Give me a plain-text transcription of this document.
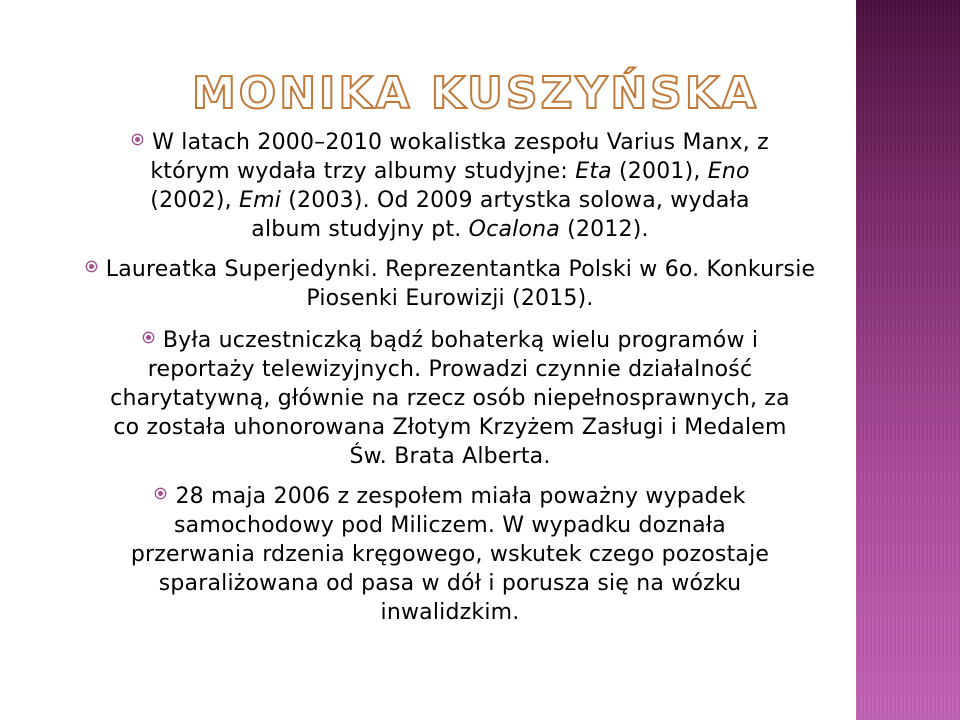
MONIKA KUSZYŃSKA

W latach 2000–2010 wokalistka zespołu Varius Manx, z którym wydała trzy albumy studyjne: Eta (2001), Eno (2002), Emi (2003). Od 2009 artystka solowa, wydała album studyjny pt. Ocalona (2012).

Laureatka Superjedynki. Reprezentantka Polski w 6o. Konkursie Piosenki Eurowizji (2015).

Była uczestniczką bądź bohaterką wielu programów i reportaży telewizyjnych. Prowadzi czynnie działalność charytatywną, głównie na rzecz osób niepełnosprawnych, za co została uhonorowana Złotym Krzyżem Zasługi i Medalem Św. Brata Alberta.

28 maja 2006 z zespołem miała poważny wypadek samochodowy pod Miliczem. W wypadku doznała przerwania rdzenia kręgowego, wskutek czego pozostaje sparaliżowana od pasa w dół i porusza się na wózku inwalidzkim.
